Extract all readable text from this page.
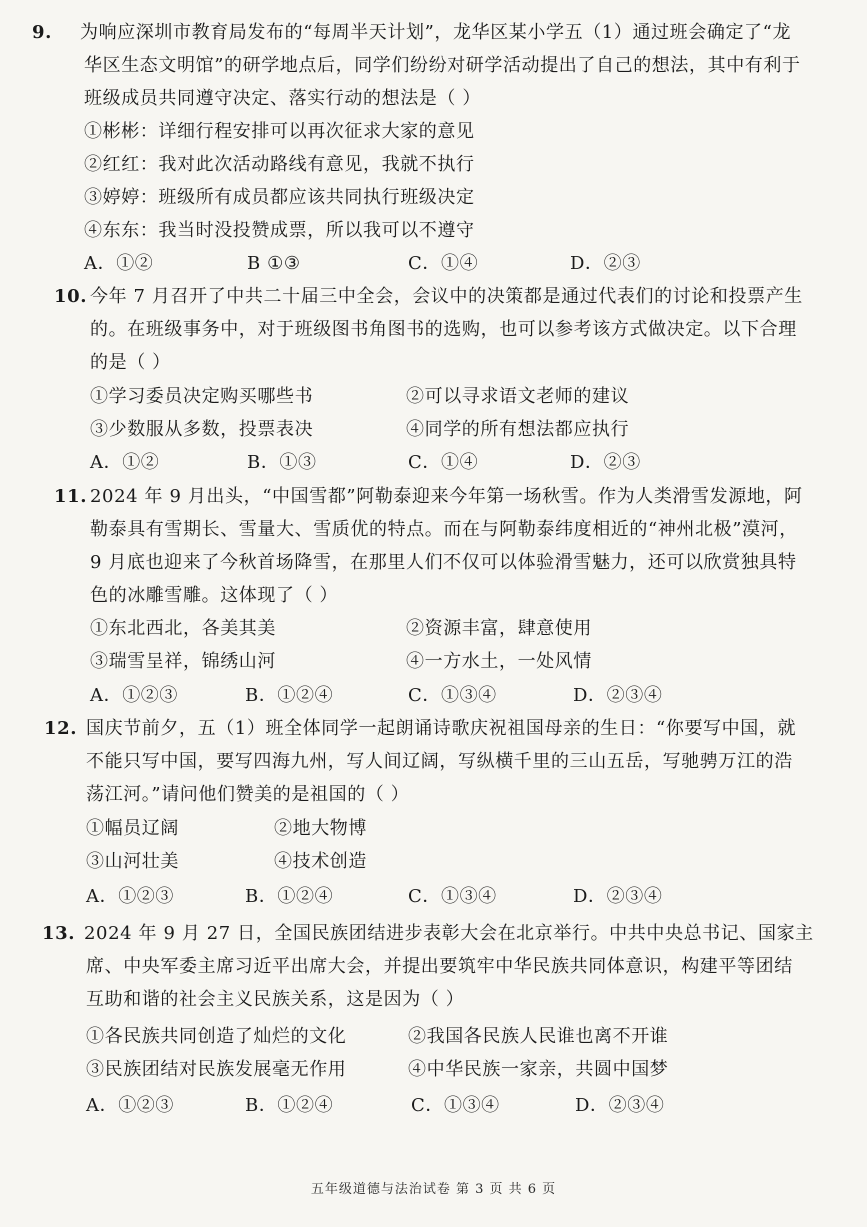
9. 为响应深圳市教育局发布的“每周半天计划”，龙华区某小学五（1）通过班会确定了“龙
华区生态文明馆”的研学地点后，同学们纷纷对研学活动提出了自己的想法，其中有利于
班级成员共同遵守决定、落实行动的想法是（ ）
①彬彬：详细行程安排可以再次征求大家的意见
②红红：我对此次活动路线有意见，我就不执行
③婷婷：班级所有成员都应该共同执行班级决定
④东东：我当时没投赞成票，所以我可以不遵守
A．①②	B ①③	C．①④	D．②③
10. 今年 7 月召开了中共二十届三中全会，会议中的决策都是通过代表们的讨论和投票产生
的。在班级事务中，对于班级图书角图书的选购，也可以参考该方式做决定。以下合理
的是（ ）
①学习委员决定购买哪些书	②可以寻求语文老师的建议
③少数服从多数，投票表决	④同学的所有想法都应执行
A．①②	B．①③	C．①④	D．②③
11. 2024 年 9 月出头，“中国雪都”阿勒泰迎来今年第一场秋雪。作为人类滑雪发源地，阿
勒泰具有雪期长、雪量大、雪质优的特点。而在与阿勒泰纬度相近的“神州北极”漠河，
9 月底也迎来了今秋首场降雪，在那里人们不仅可以体验滑雪魅力，还可以欣赏独具特
色的冰雕雪雕。这体现了（ ）
①东北西北，各美其美	②资源丰富，肆意使用
③瑞雪呈祥，锦绣山河	④一方水土，一处风情
A．①②③	B．①②④	C．①③④	D．②③④
12. 国庆节前夕，五（1）班全体同学一起朗诵诗歌庆祝祖国母亲的生日：“你要写中国，就
不能只写中国，要写四海九州，写人间辽阔，写纵横千里的三山五岳，写驰骋万江的浩
荡江河。”请问他们赞美的是祖国的（ ）
①幅员辽阔	②地大物博
③山河壮美	④技术创造
A．①②③	B．①②④	C．①③④	D．②③④
13. 2024 年 9 月 27 日，全国民族团结进步表彰大会在北京举行。中共中央总书记、国家主
席、中央军委主席习近平出席大会，并提出要筑牢中华民族共同体意识，构建平等团结
互助和谐的社会主义民族关系，这是因为（ ）
①各民族共同创造了灿烂的文化	②我国各民族人民谁也离不开谁
③民族团结对民族发展毫无作用	④中华民族一家亲，共圆中国梦
A．①②③	B．①②④	C．①③④	D．②③④
五年级道德与法治试卷 第 3 页 共 6 页
